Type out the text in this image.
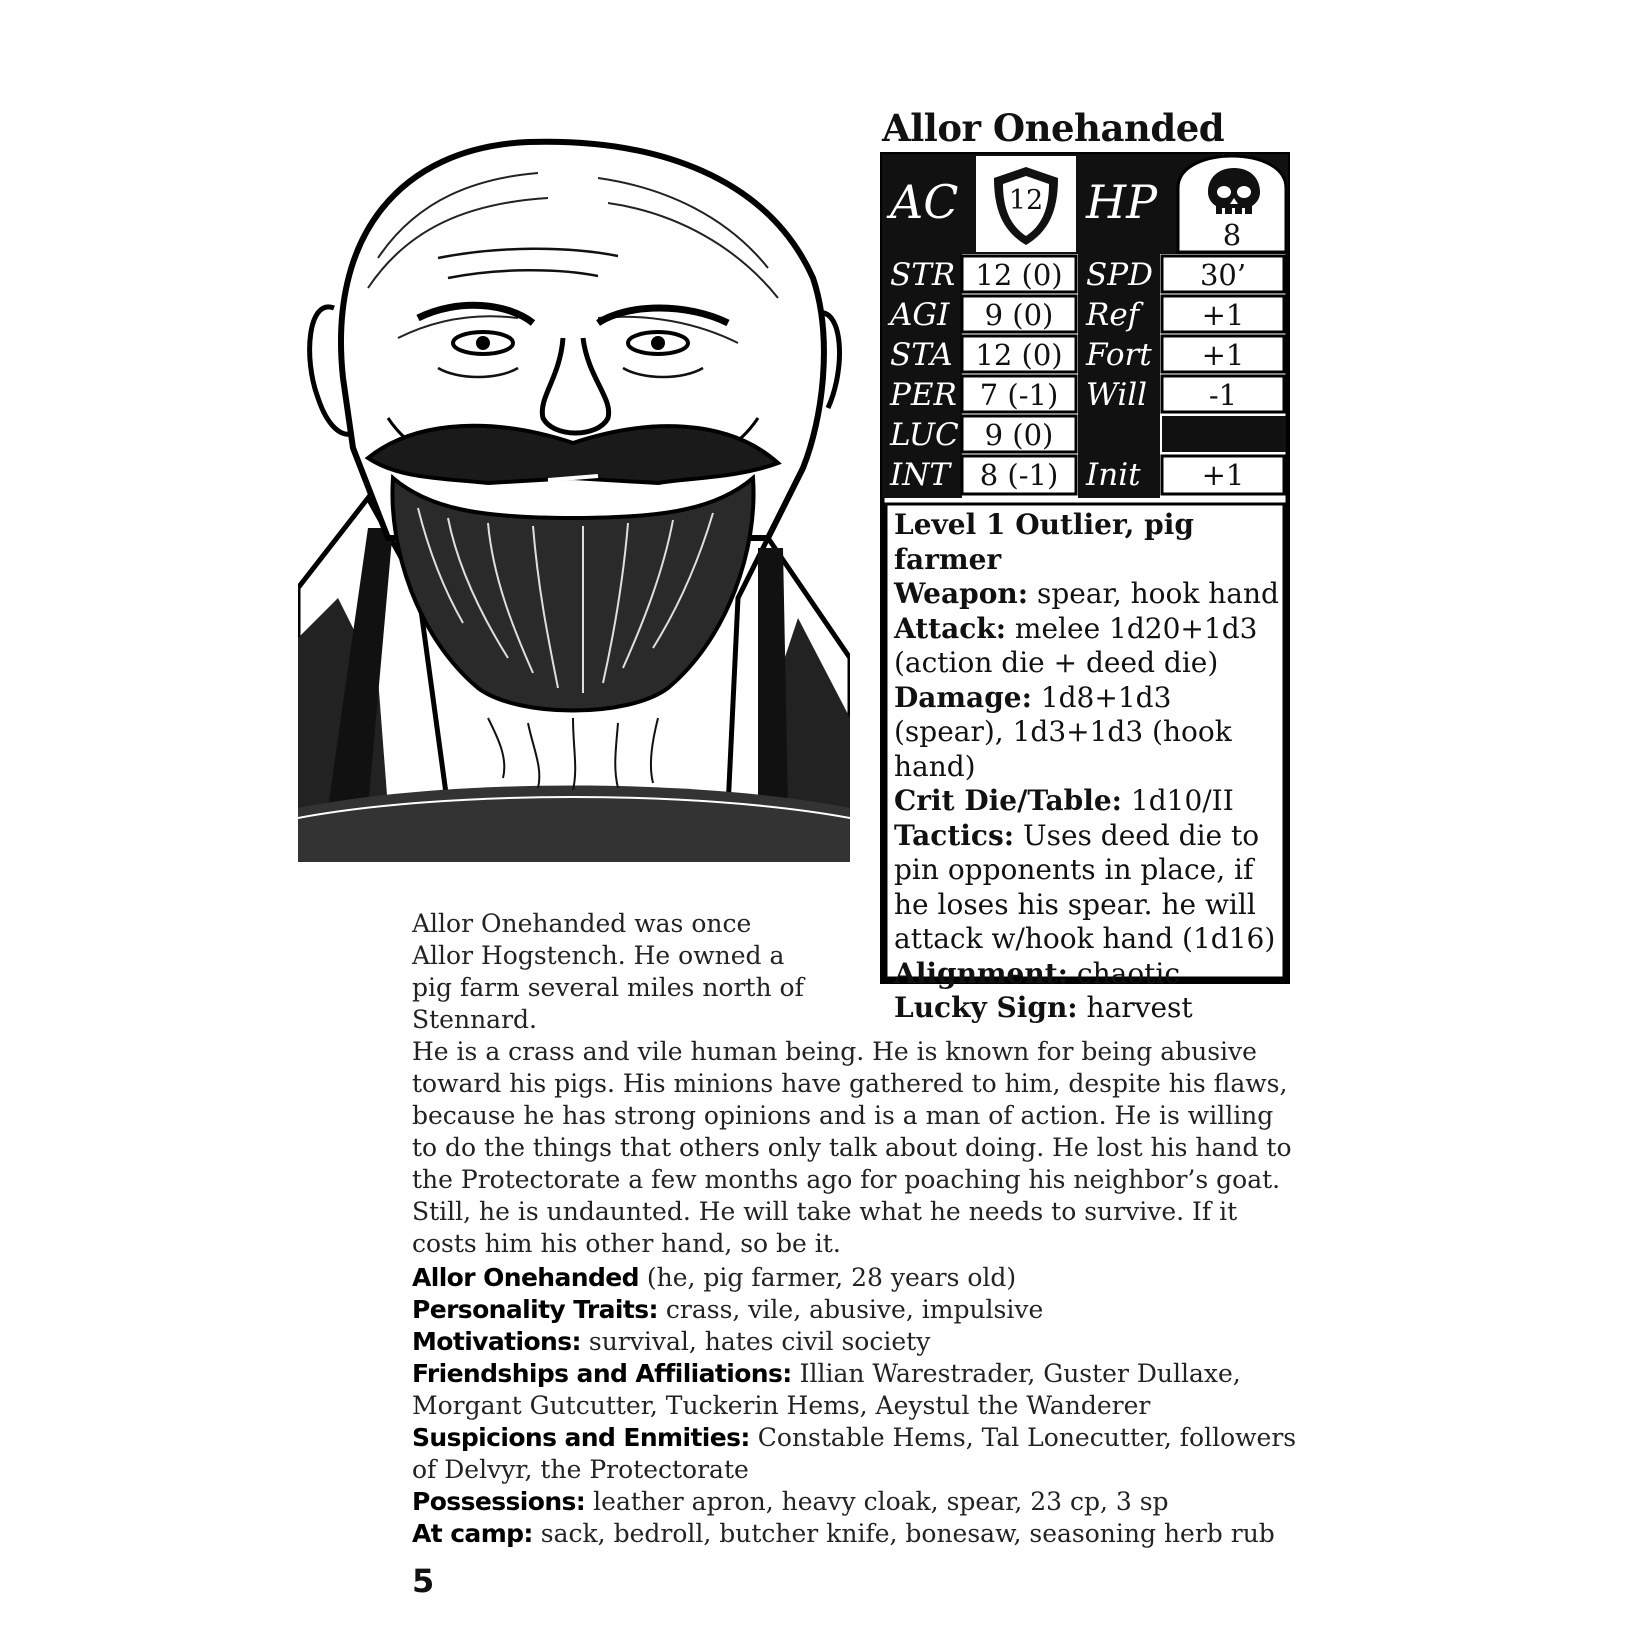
Allor Onehanded
12
8
AC	HP
STR
AGI
STA
PER
LUC
INT
12 (0)
9 (0)
12 (0)
7 (-1)
9 (0)
8 (-1)
SPD
Ref
Fort
Will
Init
30’
+1
+1
-1
+1

Level 1 Outlier, pig farmer

Weapon: spear, hook hand

Attack: melee 1d20+1d3 (action die + deed die)

Damage: 1d8+1d3 (spear), 1d3+1d3 (hook hand)

Crit Die/Table: 1d10/II

Tactics: Uses deed die to pin opponents in place, if he loses his spear. he will attack w/hook hand (1d16)

Alignment: chaotic

Lucky Sign: harvest

Allor Onehanded was once Allor Hogstench. He owned a pig farm several miles north of Stennard.
He is a crass and vile human being. He is known for being abusive toward his pigs. His minions have gathered to him, despite his flaws, because he has strong opinions and is a man of action. He is willing to do the things that others only talk about doing. He lost his hand to the Protectorate a few months ago for poaching his neighbor’s goat. Still, he is undaunted. He will take what he needs to survive. If it costs him his other hand, so be it.

Allor Onehanded (he, pig farmer, 28 years old)

Personality Traits: crass, vile, abusive, impulsive

Motivations: survival, hates civil society

Friendships and Affiliations: Illian Warestrader, Guster Dullaxe, Morgant Gutcutter, Tuckerin Hems, Aeystul the Wanderer

Suspicions and Enmities: Constable Hems, Tal Lonecutter, followers of Delvyr, the Protectorate

Possessions: leather apron, heavy cloak, spear, 23 cp, 3 sp

At camp: sack, bedroll, butcher knife, bonesaw, seasoning herb rub

5
